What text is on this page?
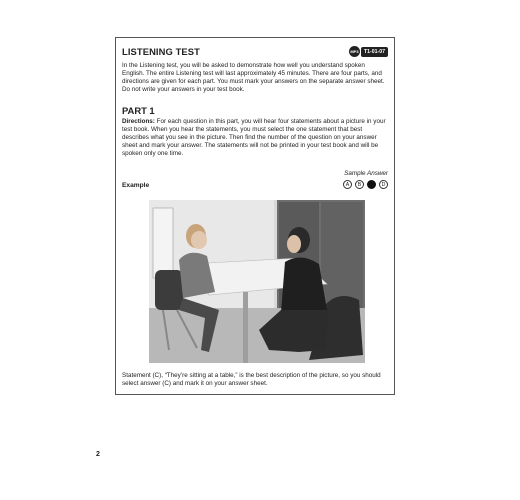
LISTENING TEST	MP3	T1-01-07
In the Listening test, you will be asked to demonstrate how well you understand spoken English. The entire Listening test will last approximately 45 minutes. There are four parts, and directions are given for each part. You must mark your answers on the separate answer sheet. Do not write your answers in your test book.
PART 1
Directions: For each question in this part, you will hear four statements about a picture in your test book. When you hear the statements, you must select the one statement that best describes what you see in the picture. Then find the number of the question on your answer sheet and mark your answer. The statements will not be printed in your test book and will be spoken only one time.
Sample Answer
Example	A	B	C	D
Statement (C), “They’re sitting at a table,” is the best description of the picture, so you should select answer (C) and mark it on your answer sheet.
2
